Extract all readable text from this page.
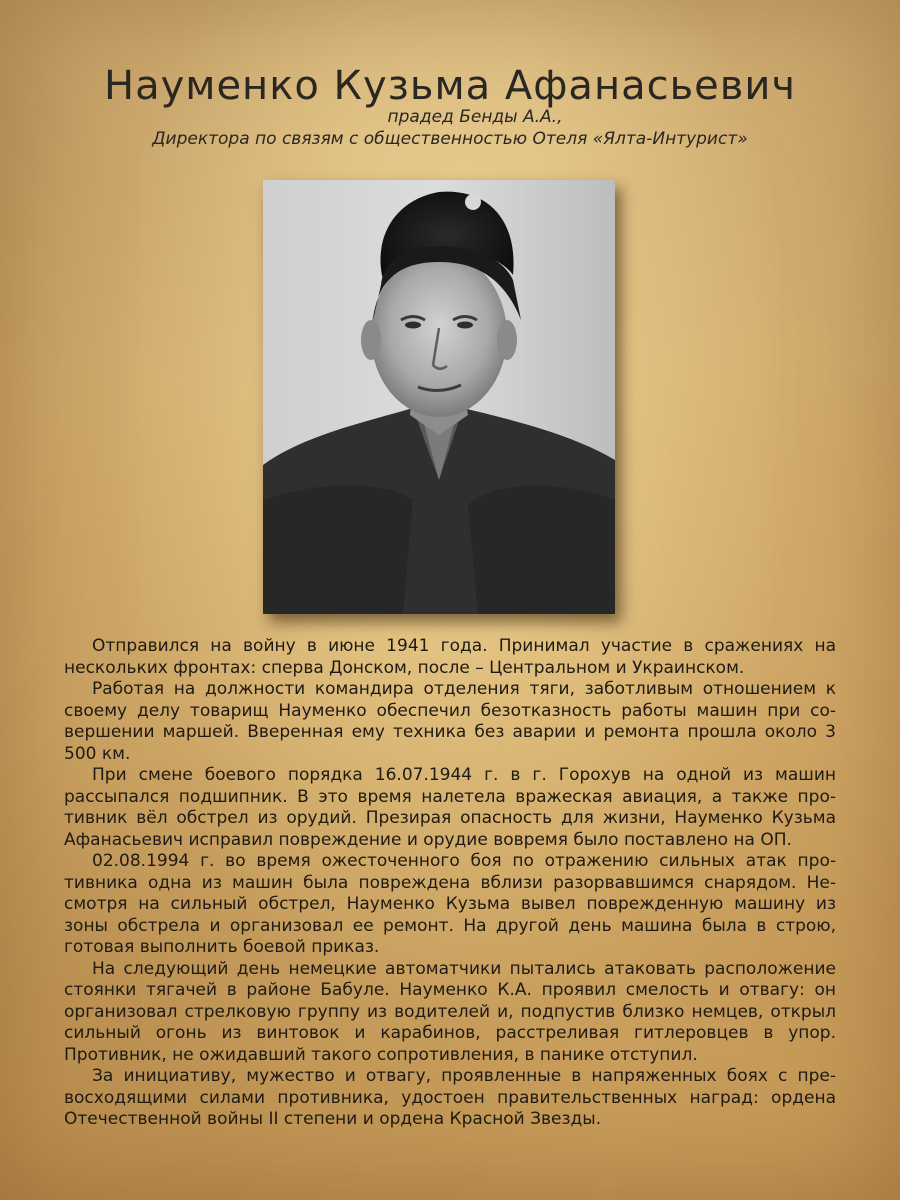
Науменко Кузьма Афанасьевич
прадед Бенды А.А.,
Директора по связям с общественностью Отеля «Ялта-Интурист»

Отправился на войну в июне 1941 года. Принимал участие в сражениях на нескольких фронтах: сперва Донском, после – Центральном и Украинском.

Работая на должности командира отделения тяги, заботливым отношением к своему делу товарищ Науменко обеспечил безотказность работы машин при совершении маршей. Вверенная ему техника без аварии и ремонта прошла около 3 500 км.

При смене боевого порядка 16.07.1944 г. в г. Горохув на одной из машин рассыпался подшипник. В это время налетела вражеская авиация, а также противник вёл обстрел из орудий. Презирая опасность для жизни, Науменко Кузьма Афанасьевич исправил повреждение и орудие вовремя было поставлено на ОП.

02.08.1994 г. во время ожесточенного боя по отражению сильных атак противника одна из машин была повреждена вблизи разорвавшимся снарядом. Несмотря на сильный обстрел, Науменко Кузьма вывел поврежденную машину из зоны обстрела и организовал ее ремонт. На другой день машина была в строю, готовая выполнить боевой приказ.

На следующий день немецкие автоматчики пытались атаковать расположение стоянки тягачей в районе Бабуле. Науменко К.А. проявил смелость и отвагу: он организовал стрелковую группу из водителей и, подпустив близко немцев, открыл сильный огонь из винтовок и карабинов, расстреливая гитлеровцев в упор. Противник, не ожидавший такого сопротивления, в панике отступил.

За инициативу, мужество и отвагу, проявленные в напряженных боях с превосходящими силами противника, удостоен правительственных наград: ордена Отечественной войны II степени и ордена Красной Звезды.
